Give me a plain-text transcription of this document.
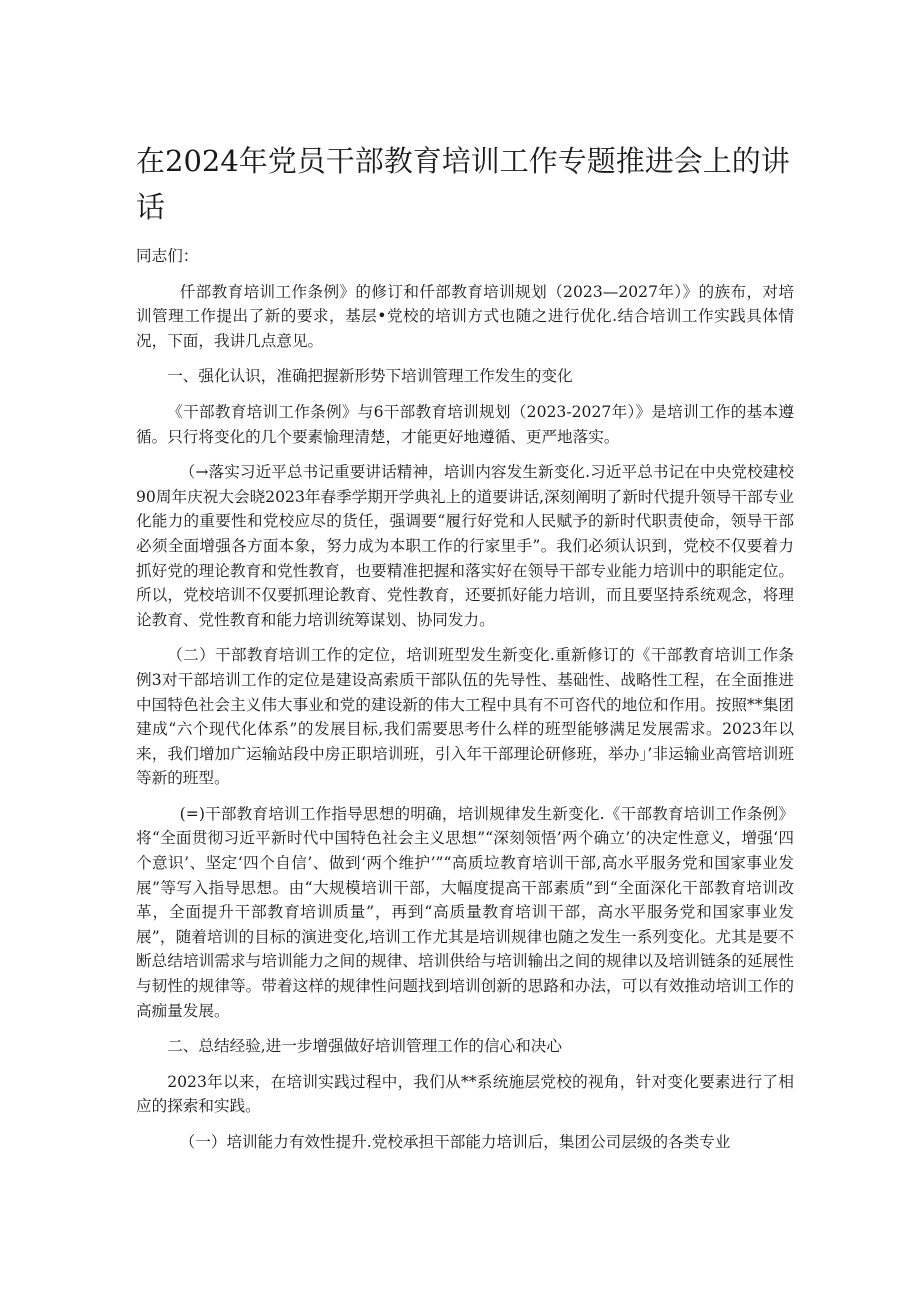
在2024年党员干部教育培训工作专题推进会上的讲话

同志们：

仟部教育培训工作条例》的修订和仟部教育培训规划（2023—2027年）》的族布，对培训管理工作提出了新的要求，基层•党校的培训方式也随之进行优化.结合培训工作实践具体情况，下面，我讲几点意见。

一、强化认识，准确把握新形势下培训管理工作发生的变化

《干部教育培训工作条例》与6干部教育培训规划（2023-2027年）》是培训工作的基本遵循。只行将变化的几个要素愉理清楚，才能更好地遵循、更严地落实。

（→落实习近平总书记重要讲话精神，培训内容发生新变化.习近平总书记在中央党校建校90周年庆祝大会晓2023年春季学期开学典礼上的道要讲话,深刻阐明了新时代提升领导干部专业化能力的重要性和党校应尽的货任，强调要“履行好党和人民赋予的新时代职责使命，领导干部必须全面增强各方面本象，努力成为本职工作的行家里手”。我们必须认识到，党校不仅要着力抓好党的理论教育和党性教育，也要精准把握和落实好在领导干部专业能力培训中的职能定位。所以，党校培训不仅要抓理论教育、党性教育，还要抓好能力培训，而且要坚持系统观念，将理论教育、党性教育和能力培训统筹谋划、协同发力。

（二）干部教育培训工作的定位，培训班型发生新变化.重新修订的《干部教育培训工作条例3对干部培训工作的定位是建设高索质干部队伍的先导性、基础性、战略性工程，在全面推进中国特色社会主义伟大事业和党的建设新的伟大工程中具有不可咨代的地位和作用。按照**集团建成“六个现代化体系”的发展目标,我们需要思考什么样的班型能够满足发展需求。2023年以来，我们增加广运输站段中房正职培训班，引入年干部理论研修班，举办」’非运输业高管培训班等新的班型。

(=)干部教育培训工作指导思想的明确，培训规律发生新变化.《干部教育培训工作条例》将“全面贯彻习近平新时代中国特色社会主义思想”“深刻领悟’两个确立’的决定性意义，增强‘四个意识’、坚定‘四个自信’、做到‘两个维护’”“高质垃教育培训干部,高水平服务党和国家事业发展”等写入指导思想。由“大规模培训干部，大幅度提高干部素质”到“全面深化干部教育培训改革，全面提升干部教育培训质量”，再到“高质量教育培训干部，高水平服务党和国家事业发展”，随着培训的目标的演进变化,培训工作尤其是培训规律也随之发生一系列变化。尤其是要不断总结培训需求与培训能力之间的规律、培训供给与培训输出之间的规律以及培训链条的延展性与韧性的规律等。带着这样的规律性问题找到培训创新的思路和办法，可以有效推动培训工作的高痂量发展。

二、总结经验,进一步增强做好培训管理工作的信心和决心

2023年以来，在培训实践过程中，我们从**系统施层党校的视角，针对变化要素进行了相应的探索和实践。

（一）培训能力有效性提升.党校承担干部能力培训后，集团公司层级的各类专业
